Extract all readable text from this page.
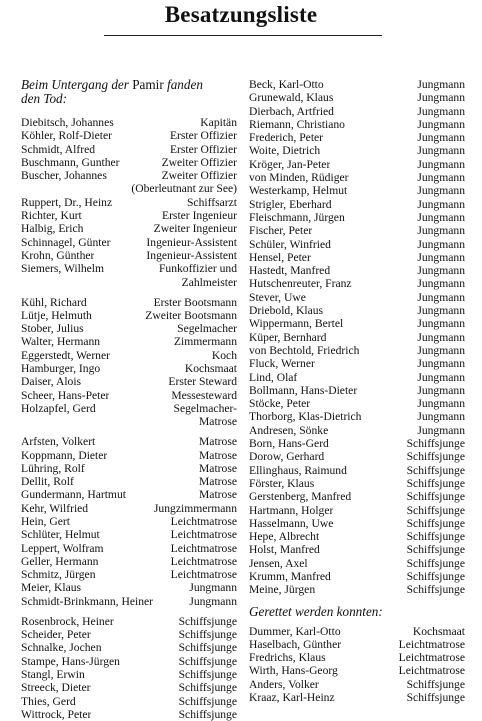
Besatzungsliste
Beim Untergang der Pamir fanden
den Tod:
Diebitsch, Johannes	Kapitän
Köhler, Rolf-Dieter	Erster Offizier
Schmidt, Alfred	Erster Offizier
Buschmann, Gunther	Zweiter Offizier
Buscher, Johannes	Zweiter Offizier
(Oberleutnant zur See)
Ruppert, Dr., Heinz	Schiffsarzt
Richter, Kurt	Erster Ingenieur
Halbig, Erich	Zweiter Ingenieur
Schinnagel, Günter	Ingenieur-Assistent
Krohn, Günther	Ingenieur-Assistent
Siemers, Wilhelm	Funkoffizier und
Zahlmeister
Kühl, Richard	Erster Bootsmann
Lütje, Helmuth	Zweiter Bootsmann
Stober, Julius	Segelmacher
Walter, Hermann	Zimmermann
Eggerstedt, Werner	Koch
Hamburger, Ingo	Kochsmaat
Daiser, Alois	Erster Steward
Scheer, Hans-Peter	Messesteward
Holzapfel, Gerd	Segelmacher-
Matrose
Arfsten, Volkert	Matrose
Koppmann, Dieter	Matrose
Lühring, Rolf	Matrose
Dellit, Rolf	Matrose
Gundermann, Hartmut	Matrose
Kehr, Wilfried	Jungzimmermann
Hein, Gert	Leichtmatrose
Schlüter, Helmut	Leichtmatrose
Leppert, Wolfram	Leichtmatrose
Geller, Hermann	Leichtmatrose
Schmitz, Jürgen	Leichtmatrose
Meier, Klaus	Jungmann
Schmidt-Brinkmann, Heiner	Jungmann
Rosenbrock, Heiner	Schiffsjunge
Scheider, Peter	Schiffsjunge
Schnalke, Jochen	Schiffsjunge
Stampe, Hans-Jürgen	Schiffsjunge
Stangl, Erwin	Schiffsjunge
Streeck, Dieter	Schiffsjunge
Thies, Gerd	Schiffsjunge
Wittrock, Peter	Schiffsjunge
Beck, Karl-Otto	Jungmann
Grunewald, Klaus	Jungmann
Dierbach, Artfried	Jungmann
Riemann, Christiano	Jungmann
Frederich, Peter	Jungmann
Woite, Dietrich	Jungmann
Kröger, Jan-Peter	Jungmann
von Minden, Rüdiger	Jungmann
Westerkamp, Helmut	Jungmann
Strigler, Eberhard	Jungmann
Fleischmann, Jürgen	Jungmann
Fischer, Peter	Jungmann
Schüler, Winfried	Jungmann
Hensel, Peter	Jungmann
Hastedt, Manfred	Jungmann
Hutschenreuter, Franz	Jungmann
Stever, Uwe	Jungmann
Driebold, Klaus	Jungmann
Wippermann, Bertel	Jungmann
Küper, Bernhard	Jungmann
von Bechtold, Friedrich	Jungmann
Fluck, Werner	Jungmann
Lind, Olaf	Jungmann
Bollmann, Hans-Dieter	Jungmann
Stöcke, Peter	Jungmann
Thorborg, Klas-Dietrich	Jungmann
Andresen, Sönke	Jungmann
Born, Hans-Gerd	Schiffsjunge
Dorow, Gerhard	Schiffsjunge
Ellinghaus, Raimund	Schiffsjunge
Förster, Klaus	Schiffsjunge
Gerstenberg, Manfred	Schiffsjunge
Hartmann, Holger	Schiffsjunge
Hasselmann, Uwe	Schiffsjunge
Hepe, Albrecht	Schiffsjunge
Holst, Manfred	Schiffsjunge
Jensen, Axel	Schiffsjunge
Krumm, Manfred	Schiffsjunge
Meine, Jürgen	Schiffsjunge
Gerettet werden konnten:
Dummer, Karl-Otto	Kochsmaat
Haselbach, Günther	Leichtmatrose
Fredrichs, Klaus	Leichtmatrose
Wirth, Hans-Georg	Leichtmatrose
Anders, Volker	Schiffsjunge
Kraaz, Karl-Heinz	Schiffsjunge
